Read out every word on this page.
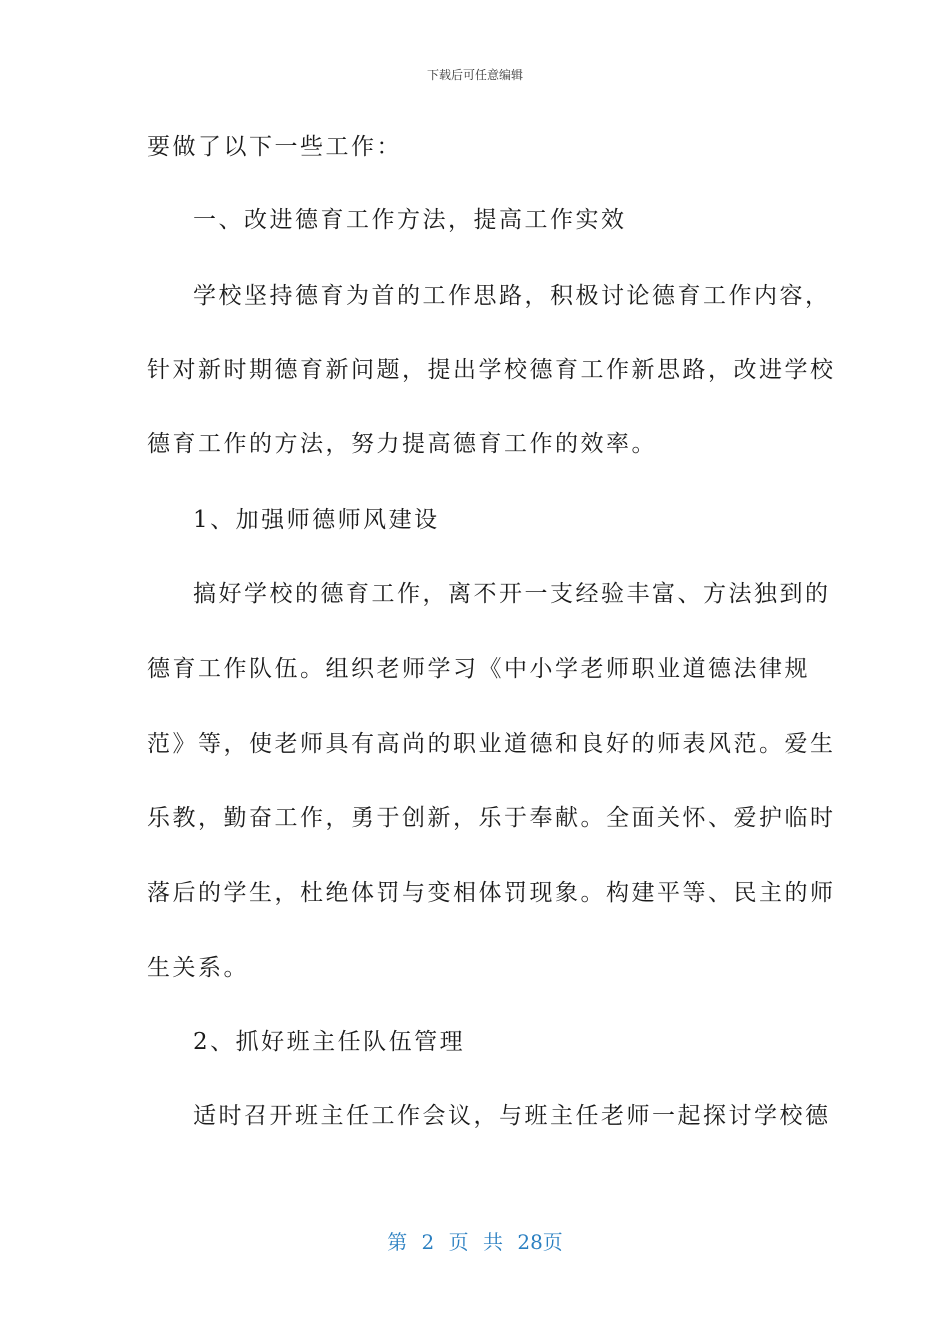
下载后可任意编辑
要做了以下一些工作：
一、改进德育工作方法，提高工作实效
学校坚持德育为首的工作思路，积极讨论德育工作内容，
针对新时期德育新问题，提出学校德育工作新思路，改进学校
德育工作的方法，努力提高德育工作的效率。
1、加强师德师风建设
搞好学校的德育工作，离不开一支经验丰富、方法独到的
德育工作队伍。组织老师学习《中小学老师职业道德法律规
范》等，使老师具有高尚的职业道德和良好的师表风范。爱生
乐教，勤奋工作，勇于创新，乐于奉献。全面关怀、爱护临时
落后的学生，杜绝体罚与变相体罚现象。构建平等、民主的师
生关系。
2、抓好班主任队伍管理
适时召开班主任工作会议，与班主任老师一起探讨学校德
第 2 页 共 28页
